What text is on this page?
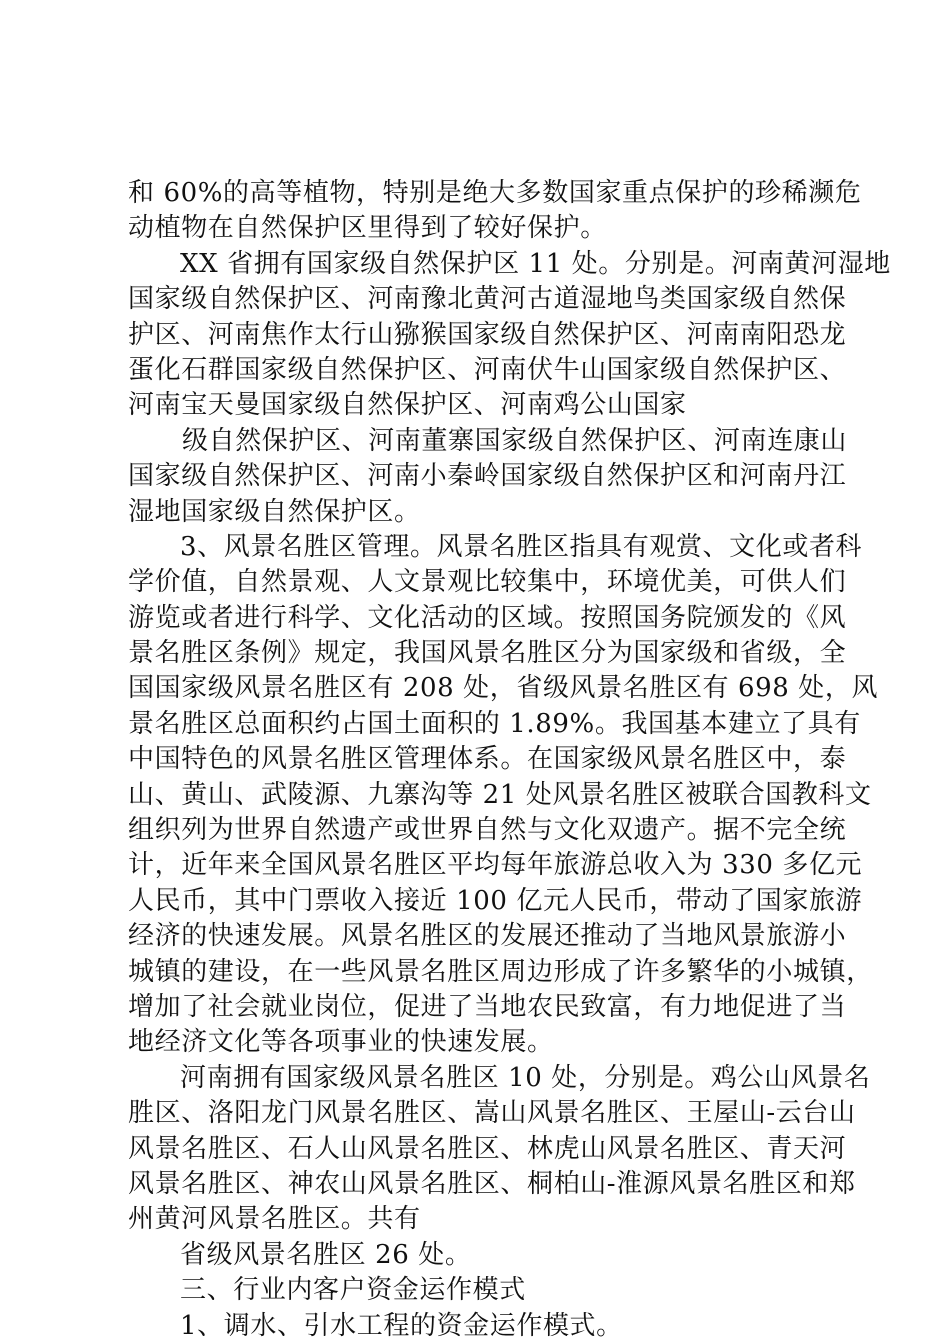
和 60%的高等植物，特别是绝大多数国家重点保护的珍稀濒危
动植物在自然保护区里得到了较好保护。
XX 省拥有国家级自然保护区 11 处。分别是。河南黄河湿地
国家级自然保护区、河南豫北黄河古道湿地鸟类国家级自然保
护区、河南焦作太行山猕猴国家级自然保护区、河南南阳恐龙
蛋化石群国家级自然保护区、河南伏牛山国家级自然保护区、
河南宝天曼国家级自然保护区、河南鸡公山国家
级自然保护区、河南董寨国家级自然保护区、河南连康山
国家级自然保护区、河南小秦岭国家级自然保护区和河南丹江
湿地国家级自然保护区。
3、风景名胜区管理。风景名胜区指具有观赏、文化或者科
学价值，自然景观、人文景观比较集中，环境优美，可供人们
游览或者进行科学、文化活动的区域。按照国务院颁发的《风
景名胜区条例》规定，我国风景名胜区分为国家级和省级，全
国国家级风景名胜区有 208 处，省级风景名胜区有 698 处，风
景名胜区总面积约占国土面积的 1.89%。我国基本建立了具有
中国特色的风景名胜区管理体系。在国家级风景名胜区中，泰
山、黄山、武陵源、九寨沟等 21 处风景名胜区被联合国教科文
组织列为世界自然遗产或世界自然与文化双遗产。据不完全统
计，近年来全国风景名胜区平均每年旅游总收入为 330 多亿元
人民币，其中门票收入接近 100 亿元人民币，带动了国家旅游
经济的快速发展。风景名胜区的发展还推动了当地风景旅游小
城镇的建设，在一些风景名胜区周边形成了许多繁华的小城镇，
增加了社会就业岗位，促进了当地农民致富，有力地促进了当
地经济文化等各项事业的快速发展。
河南拥有国家级风景名胜区 10 处，分别是。鸡公山风景名
胜区、洛阳龙门风景名胜区、嵩山风景名胜区、王屋山-云台山
风景名胜区、石人山风景名胜区、林虎山风景名胜区、青天河
风景名胜区、神农山风景名胜区、桐柏山-淮源风景名胜区和郑
州黄河风景名胜区。共有
省级风景名胜区 26 处。
三、行业内客户资金运作模式
1、调水、引水工程的资金运作模式。
